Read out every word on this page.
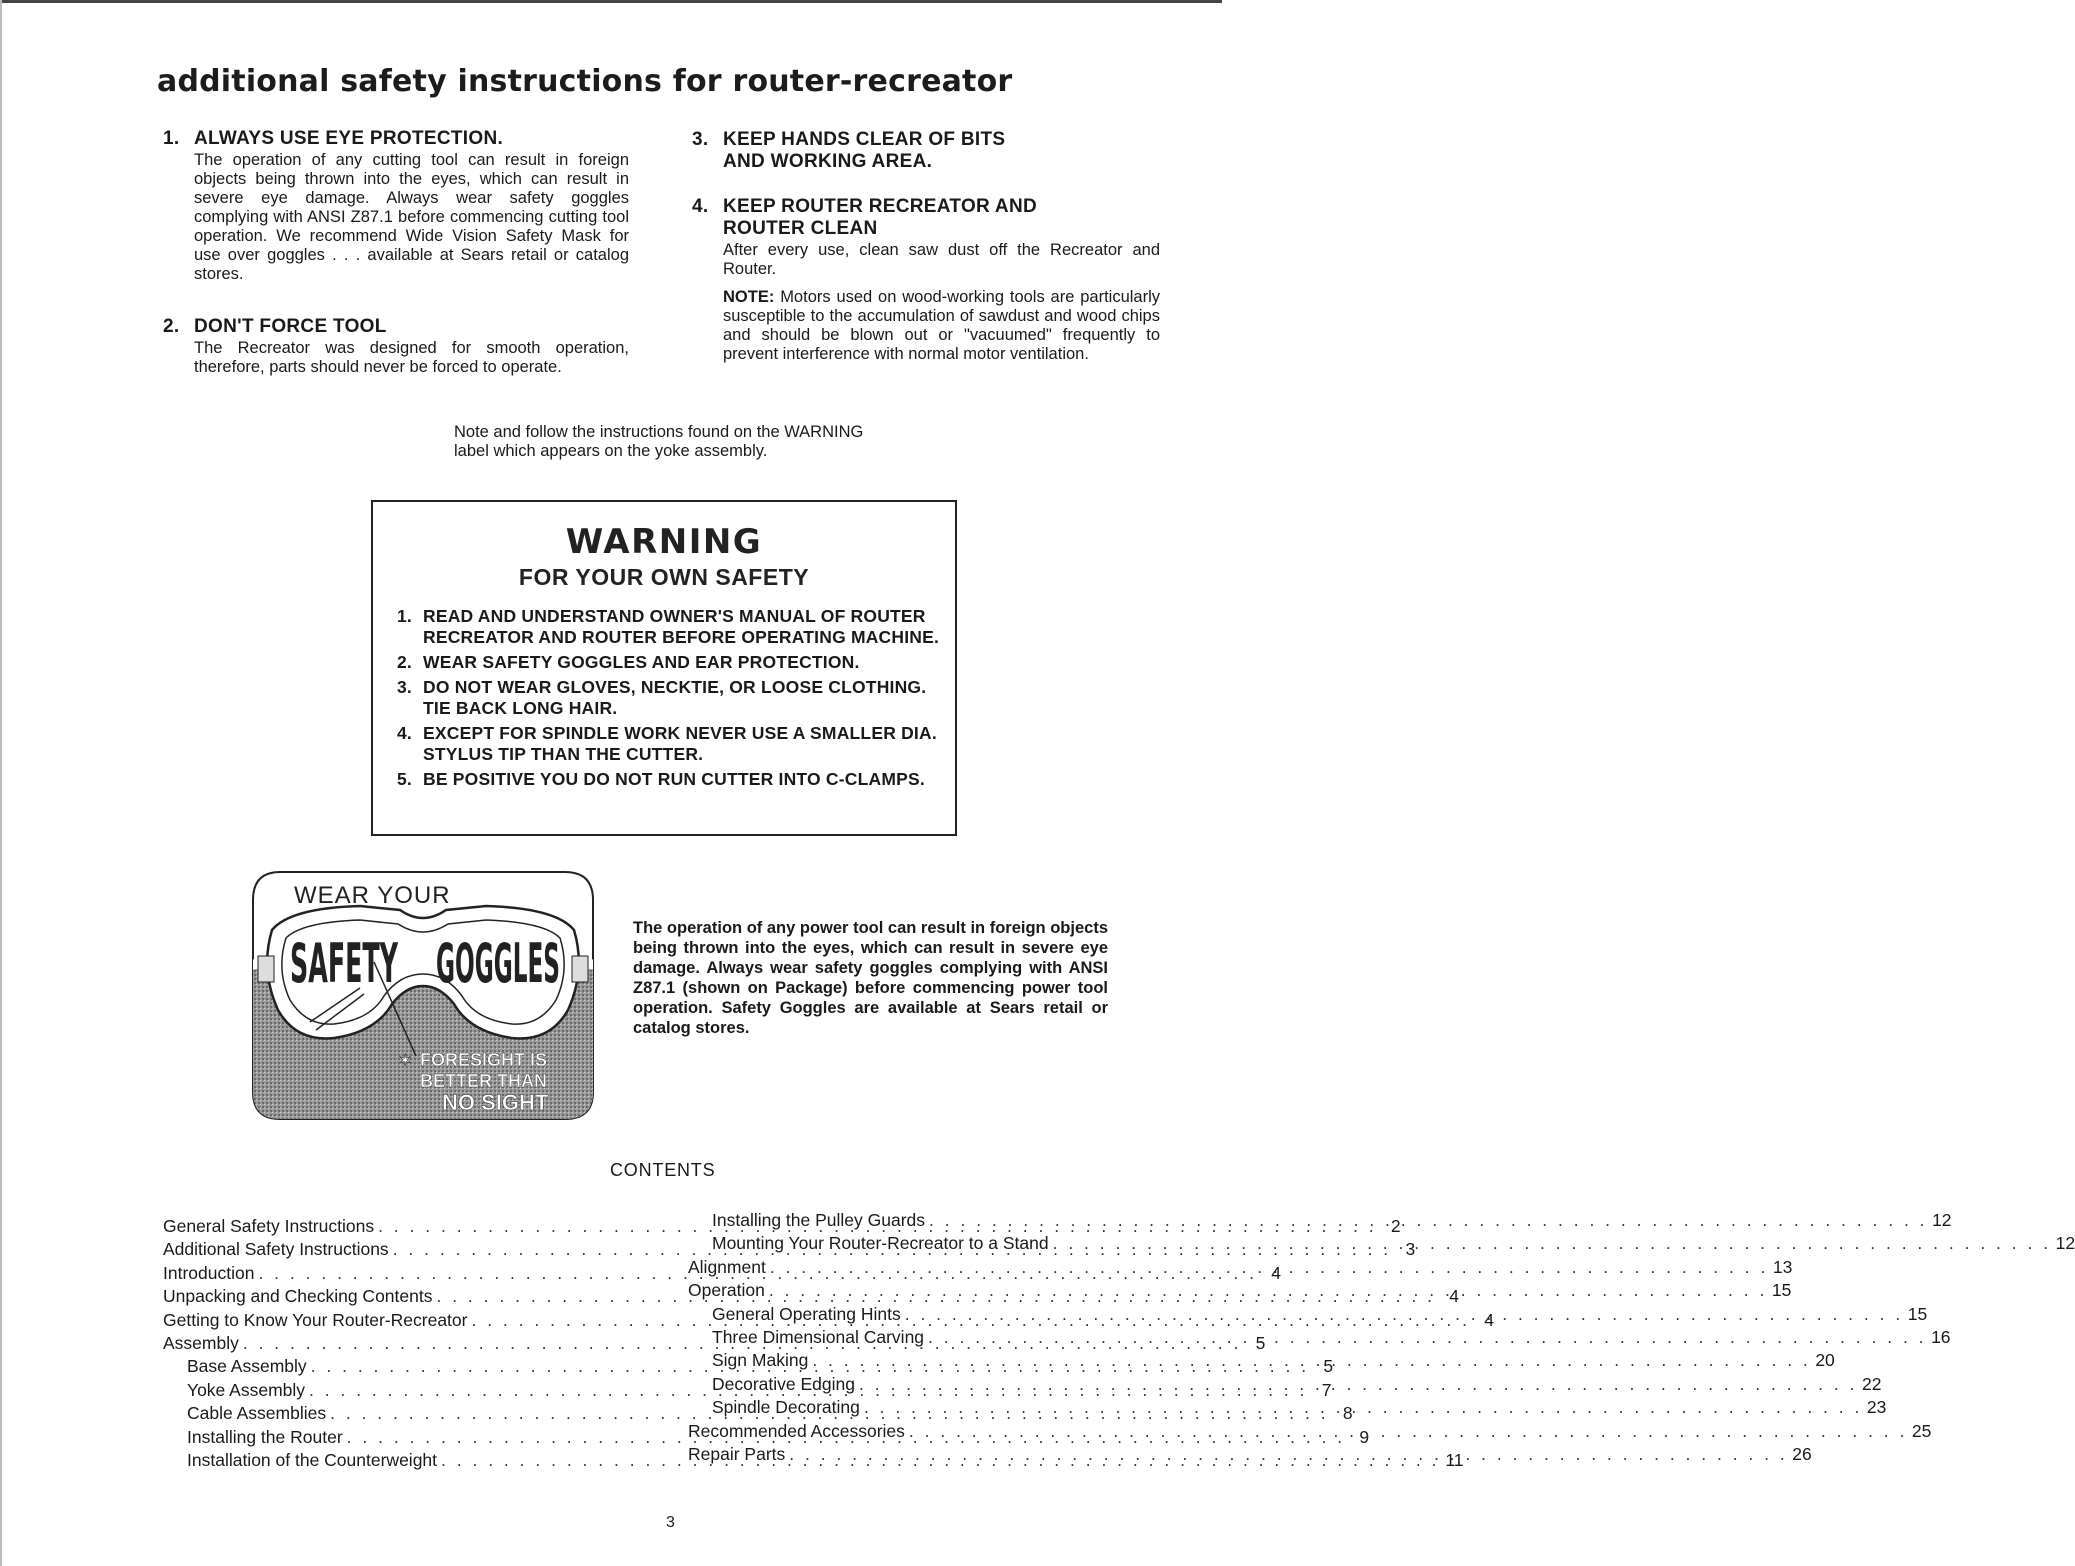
additional safety instructions for router-recreator
1. ALWAYS USE EYE PROTECTION.
The operation of any cutting tool can result in foreign objects being thrown into the eyes, which can result in severe eye damage. Always wear safety goggles complying with ANSI Z87.1 before commencing cutting tool operation. We recommend Wide Vision Safety Mask for use over goggles . . . available at Sears retail or catalog stores.
2. DON'T FORCE TOOL
The Recreator was designed for smooth operation, therefore, parts should never be forced to operate.
3. KEEP HANDS CLEAR OF BITS
AND WORKING AREA.
4. KEEP ROUTER RECREATOR AND
ROUTER CLEAN
After every use, clean saw dust off the Recreator and Router.
NOTE: Motors used on wood-working tools are particularly susceptible to the accumulation of sawdust and wood chips and should be blown out or "vacuumed" frequently to prevent interference with normal motor ventilation.
Note and follow the instructions found on the WARNING label which appears on the yoke assembly.
WARNING
FOR YOUR OWN SAFETY
1. READ AND UNDERSTAND OWNER'S MANUAL OF ROUTER RECREATOR AND ROUTER BEFORE OPERATING MACHINE.
2. WEAR SAFETY GOGGLES AND EAR PROTECTION.
3. DO NOT WEAR GLOVES, NECKTIE, OR LOOSE CLOTHING. TIE BACK LONG HAIR.
4. EXCEPT FOR SPINDLE WORK NEVER USE A SMALLER DIA. STYLUS TIP THAN THE CUTTER.
5. BE POSITIVE YOU DO NOT RUN CUTTER INTO C-CLAMPS.
WEAR YOUR
SAFETY GOGGLES
✶ FORESIGHT IS
BETTER THAN
NO SIGHT
The operation of any power tool can result in foreign objects being thrown into the eyes, which can result in severe eye damage. Always wear safety goggles complying with ANSI Z87.1 (shown on Package) before commencing power tool operation. Safety Goggles are available at Sears retail or catalog stores.
CONTENTS
General Safety Instructions . . .	2
Additional Safety Instructions . . .	3
Introduction . . .	4
Unpacking and Checking Contents . . .	4
Getting to Know Your Router-Recreator . . .	4
Assembly . . .	5
Base Assembly . . .	5
Yoke Assembly . . .	7
Cable Assemblies . . .	8
Installing the Router . . .	9
Installation of the Counterweight . . .	11
Installing the Pulley Guards . . .	12
Mounting Your Router-Recreator to a Stand . . .	12
Alignment . . .	13
Operation . . .	15
General Operating Hints . . .	15
Three Dimensional Carving . . .	16
Sign Making . . .	20
Decorative Edging . . .	22
Spindle Decorating . . .	23
Recommended Accessories . . .	25
Repair Parts . . .	26
3
